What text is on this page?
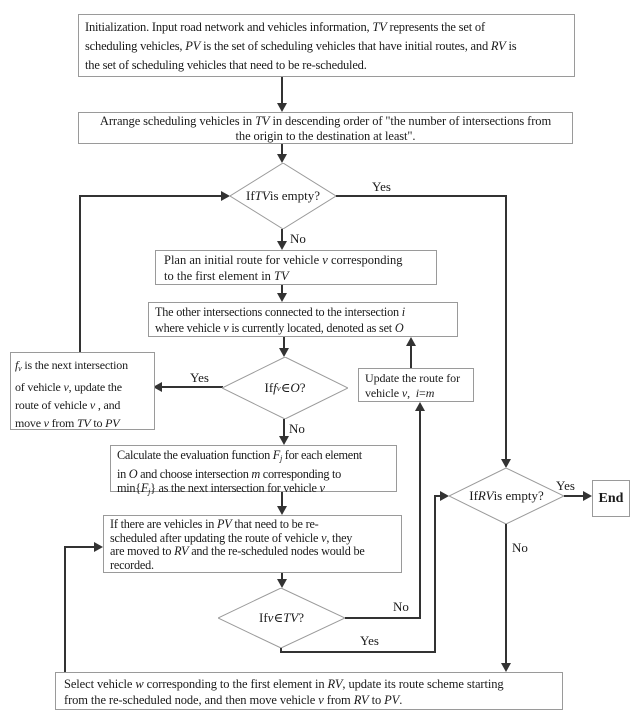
Initialization. Input road network and vehicles information, TV represents the set of
scheduling vehicles, PV is the set of scheduling vehicles that have initial routes, and RV is
the set of scheduling vehicles that need to be re-scheduled.
Arrange scheduling vehicles in TV in descending order of "the number of intersections from
the origin to the destination at least".
Plan an initial route for vehicle v corresponding
to the first element in TV
The other intersections connected to the intersection i
where vehicle v is currently located, denoted as set O
fv is the next intersection
of vehicle v, update the
route of vehicle v , and
move v from TV to PV
Update the route for
vehicle v,  i=m
Calculate the evaluation function Fj for each element
in O and choose intersection m corresponding to
min{Fj} as the next intersection for vehicle v
If there are vehicles in PV that need to be re-
scheduled after updating the route of vehicle v, they
are moved to RV and the re-scheduled nodes would be
recorded.
Select vehicle w corresponding to the first element in RV, update its route scheme starting
from the re-scheduled node, and then move vehicle v from RV to PV.
End
If TV is empty?
If f v ∈ O ?
If v ∈ TV ?
If RV is empty?
Yes
No
Yes
No
No
Yes
Yes
No
